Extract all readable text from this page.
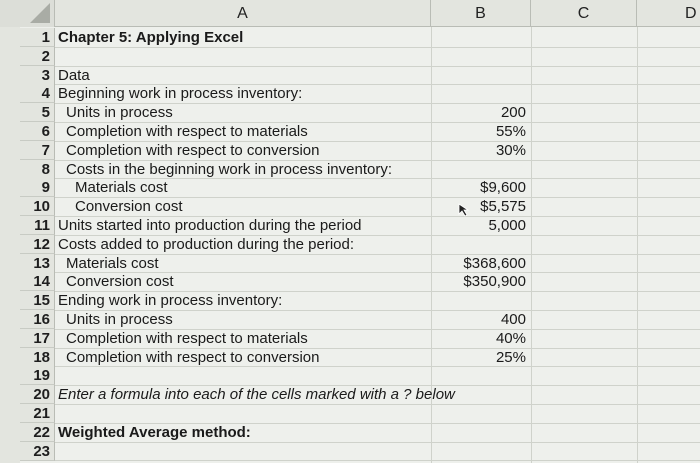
A	B	C	D
1 Chapter 5: Applying Excel
2
3 Data
4 Beginning work in process inventory:
5	Units in process	200
6	Completion with respect to materials	55%
7	Completion with respect to conversion	30%
8	Costs in the beginning work in process inventory:
9	Materials cost	$9,600
10	Conversion cost	$5,575
11 Units started into production during the period	5,000
12 Costs added to production during the period:
13	Materials cost	$368,600
14	Conversion cost	$350,900
15 Ending work in process inventory:
16	Units in process	400
17	Completion with respect to materials	40%
18	Completion with respect to conversion	25%
19
20 Enter a formula into each of the cells marked with a ? below
21
22 Weighted Average method:
23
